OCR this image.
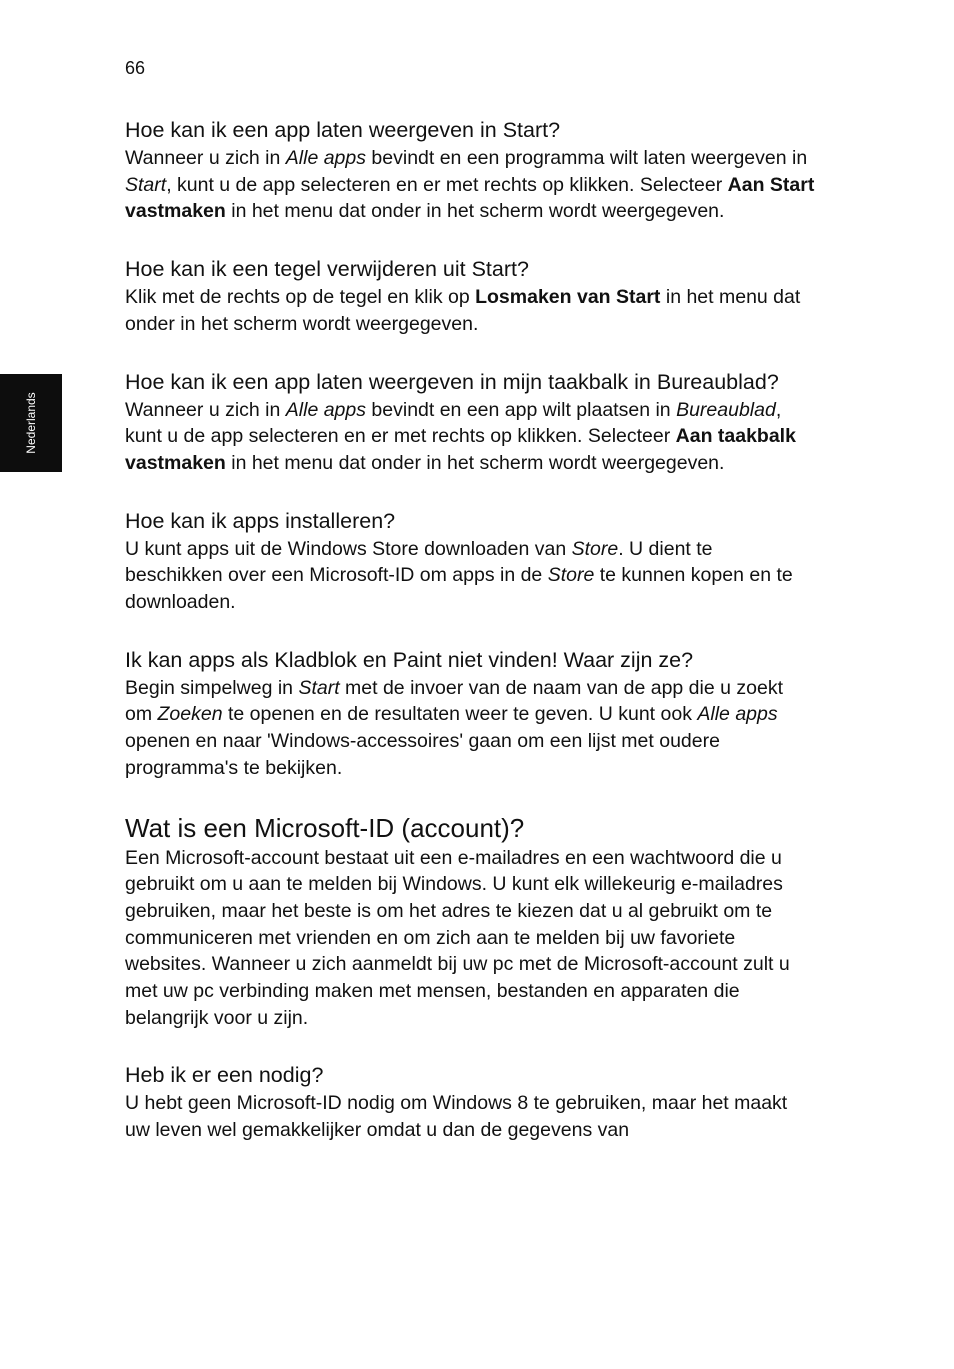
66
Nederlands
Hoe kan ik een app laten weergeven in Start?

Wanneer u zich in Alle apps bevindt en een programma wilt laten weergeven in Start, kunt u de app selecteren en er met rechts op klikken. Selecteer Aan Start vastmaken in het menu dat onder in het scherm wordt weergegeven.

Hoe kan ik een tegel verwijderen uit Start?

Klik met de rechts op de tegel en klik op Losmaken van Start in het menu dat onder in het scherm wordt weergegeven.

Hoe kan ik een app laten weergeven in mijn taakbalk in Bureaublad?

Wanneer u zich in Alle apps bevindt en een app wilt plaatsen in Bureaublad, kunt u de app selecteren en er met rechts op klikken. Selecteer Aan taakbalk vastmaken in het menu dat onder in het scherm wordt weergegeven.

Hoe kan ik apps installeren?

U kunt apps uit de Windows Store downloaden van Store. U dient te beschikken over een Microsoft-ID om apps in de Store te kunnen kopen en te downloaden.

Ik kan apps als Kladblok en Paint niet vinden! Waar zijn ze?

Begin simpelweg in Start met de invoer van de naam van de app die u zoekt om Zoeken te openen en de resultaten weer te geven. U kunt ook Alle apps openen en naar 'Windows-accessoires' gaan om een lijst met oudere programma's te bekijken.

Wat is een Microsoft-ID (account)?

Een Microsoft-account bestaat uit een e-mailadres en een wachtwoord die u gebruikt om u aan te melden bij Windows. U kunt elk willekeurig e-mailadres gebruiken, maar het beste is om het adres te kiezen dat u al gebruikt om te communiceren met vrienden en om zich aan te melden bij uw favoriete websites. Wanneer u zich aanmeldt bij uw pc met de Microsoft-account zult u met uw pc verbinding maken met mensen, bestanden en apparaten die belangrijk voor u zijn.

Heb ik er een nodig?

U hebt geen Microsoft-ID nodig om Windows 8 te gebruiken, maar het maakt uw leven wel gemakkelijker omdat u dan de gegevens van
